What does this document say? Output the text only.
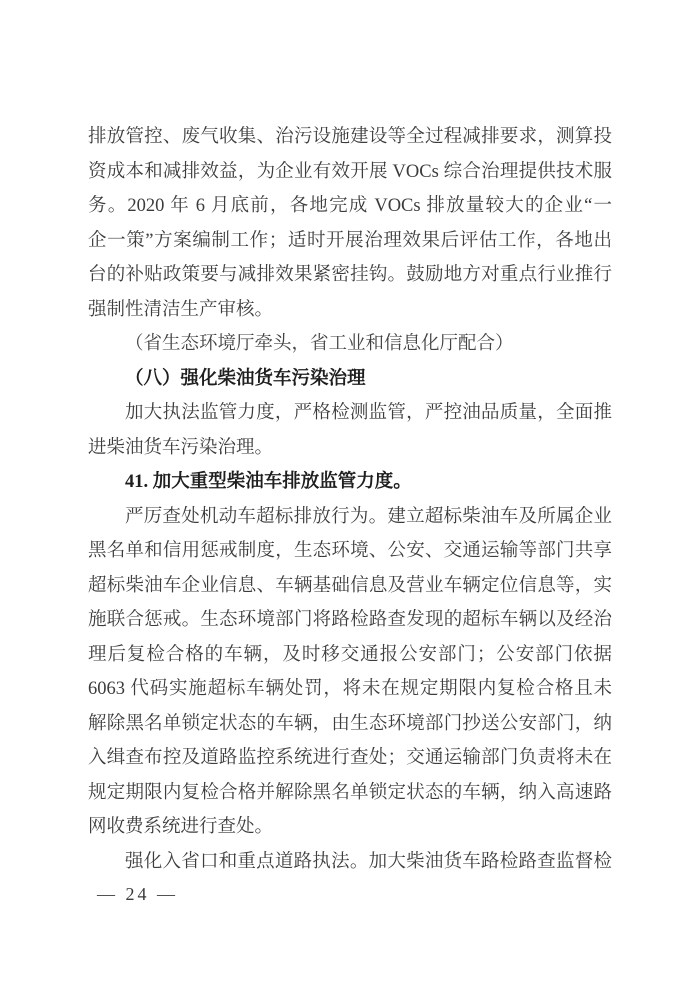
排放管控、废气收集、治污设施建设等全过程减排要求，测算投
资成本和减排效益，为企业有效开展 VOCs 综合治理提供技术服
务。2020 年 6 月底前，各地完成 VOCs 排放量较大的企业“一
企一策”方案编制工作；适时开展治理效果后评估工作，各地出
台的补贴政策要与减排效果紧密挂钩。鼓励地方对重点行业推行
强制性清洁生产审核。
（省生态环境厅牵头，省工业和信息化厅配合）
（八）强化柴油货车污染治理
加大执法监管力度，严格检测监管，严控油品质量，全面推
进柴油货车污染治理。
41. 加大重型柴油车排放监管力度。
严厉查处机动车超标排放行为。建立超标柴油车及所属企业
黑名单和信用惩戒制度，生态环境、公安、交通运输等部门共享
超标柴油车企业信息、车辆基础信息及营业车辆定位信息等，实
施联合惩戒。生态环境部门将路检路查发现的超标车辆以及经治
理后复检合格的车辆，及时移交通报公安部门；公安部门依据
6063 代码实施超标车辆处罚，将未在规定期限内复检合格且未
解除黑名单锁定状态的车辆，由生态环境部门抄送公安部门，纳
入缉查布控及道路监控系统进行查处；交通运输部门负责将未在
规定期限内复检合格并解除黑名单锁定状态的车辆，纳入高速路
网收费系统进行查处。
强化入省口和重点道路执法。加大柴油货车路检路查监督检
— 24 —
